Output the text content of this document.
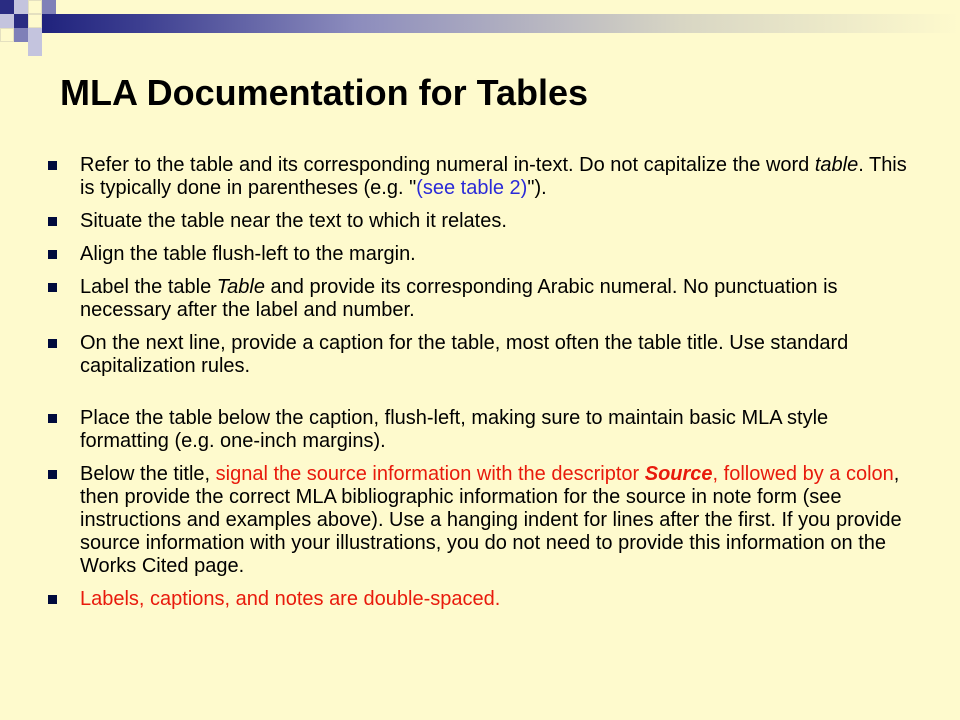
MLA Documentation for Tables
Refer to the table and its corresponding numeral in-text. Do not capitalize the word table. This is typically done in parentheses (e.g. "(see table 2)").
Situate the table near the text to which it relates.
Align the table flush-left to the margin.
Label the table Table and provide its corresponding Arabic numeral. No punctuation is necessary after the label and number.
On the next line, provide a caption for the table, most often the table title. Use standard capitalization rules.
Place the table below the caption, flush-left, making sure to maintain basic MLA style formatting (e.g. one-inch margins).
Below the title, signal the source information with the descriptor Source, followed by a colon, then provide the correct MLA bibliographic information for the source in note form (see instructions and examples above). Use a hanging indent for lines after the first. If you provide source information with your illustrations, you do not need to provide this information on the Works Cited page.
Labels, captions, and notes are double-spaced.
